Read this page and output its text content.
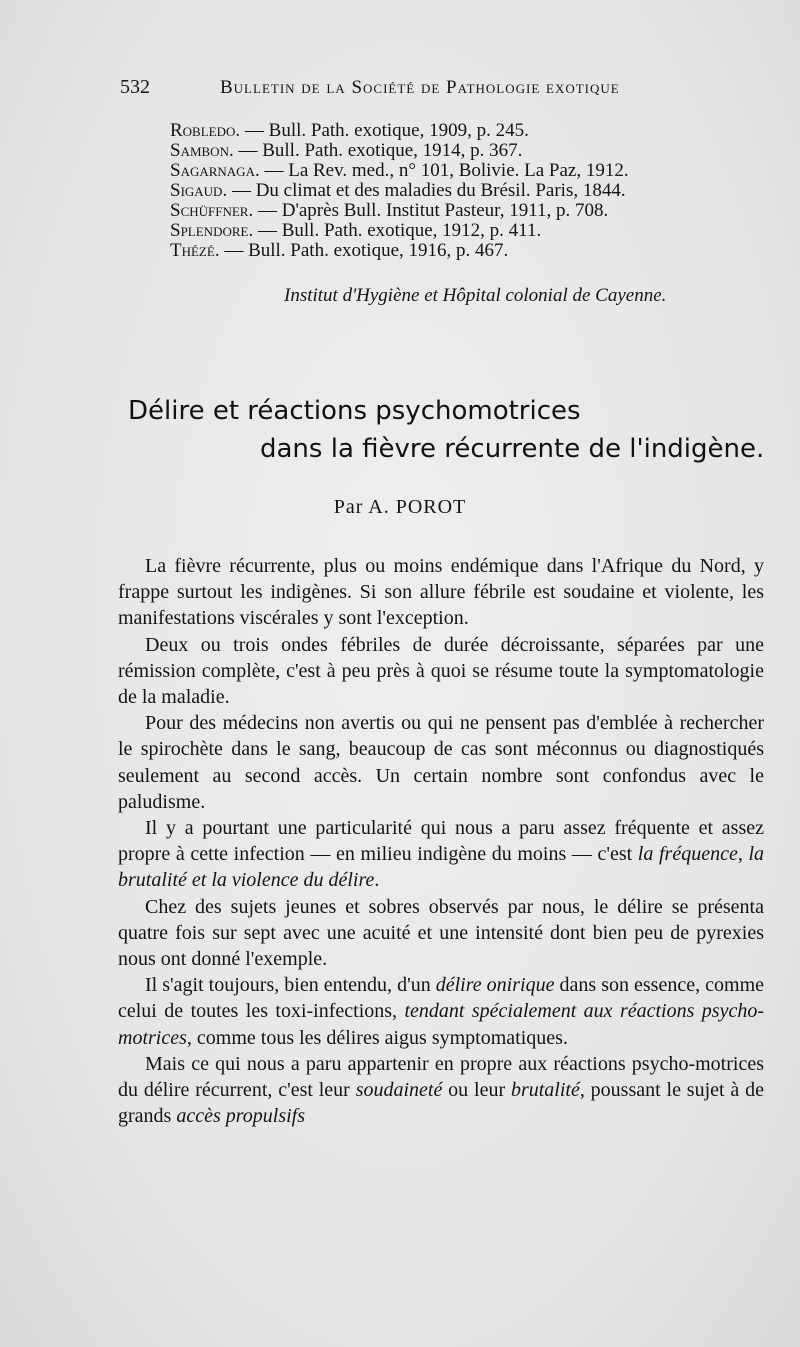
532	Bulletin de la Société de Pathologie exotique
Robledo. — Bull. Path. exotique, 1909, p. 245.
Sambon. — Bull. Path. exotique, 1914, p. 367.
Sagarnaga. — La Rev. med., n° 101, Bolivie. La Paz, 1912.
Sigaud. — Du climat et des maladies du Brésil. Paris, 1844.
Schüffner. — D'après Bull. Institut Pasteur, 1911, p. 708.
Splendore. — Bull. Path. exotique, 1912, p. 411.
Thézé. — Bull. Path. exotique, 1916, p. 467.
Institut d'Hygiène et Hôpital colonial de Cayenne.
Délire et réactions psychomotrices
dans la fièvre récurrente de l'indigène.
Par A. POROT

La fièvre récurrente, plus ou moins endémique dans l'Afrique du Nord, y frappe surtout les indigènes. Si son allure fébrile est soudaine et violente, les manifestations viscérales y sont l'exception.

Deux ou trois ondes fébriles de durée décroissante, séparées par une rémission complète, c'est à peu près à quoi se résume toute la symptomatologie de la maladie.

Pour des médecins non avertis ou qui ne pensent pas d'emblée à rechercher le spirochète dans le sang, beaucoup de cas sont méconnus ou diagnostiqués seulement au second accès. Un certain nombre sont confondus avec le paludisme.

Il y a pourtant une particularité qui nous a paru assez fréquente et assez propre à cette infection — en milieu indigène du moins — c'est la fréquence, la brutalité et la violence du délire.

Chez des sujets jeunes et sobres observés par nous, le délire se présenta quatre fois sur sept avec une acuité et une intensité dont bien peu de pyrexies nous ont donné l'exemple.

Il s'agit toujours, bien entendu, d'un délire onirique dans son essence, comme celui de toutes les toxi-infections, tendant spécialement aux réactions psycho-motrices, comme tous les délires aigus symptomatiques.

Mais ce qui nous a paru appartenir en propre aux réactions psycho-motrices du délire récurrent, c'est leur soudaineté ou leur brutalité, poussant le sujet à de grands accès propulsifs
